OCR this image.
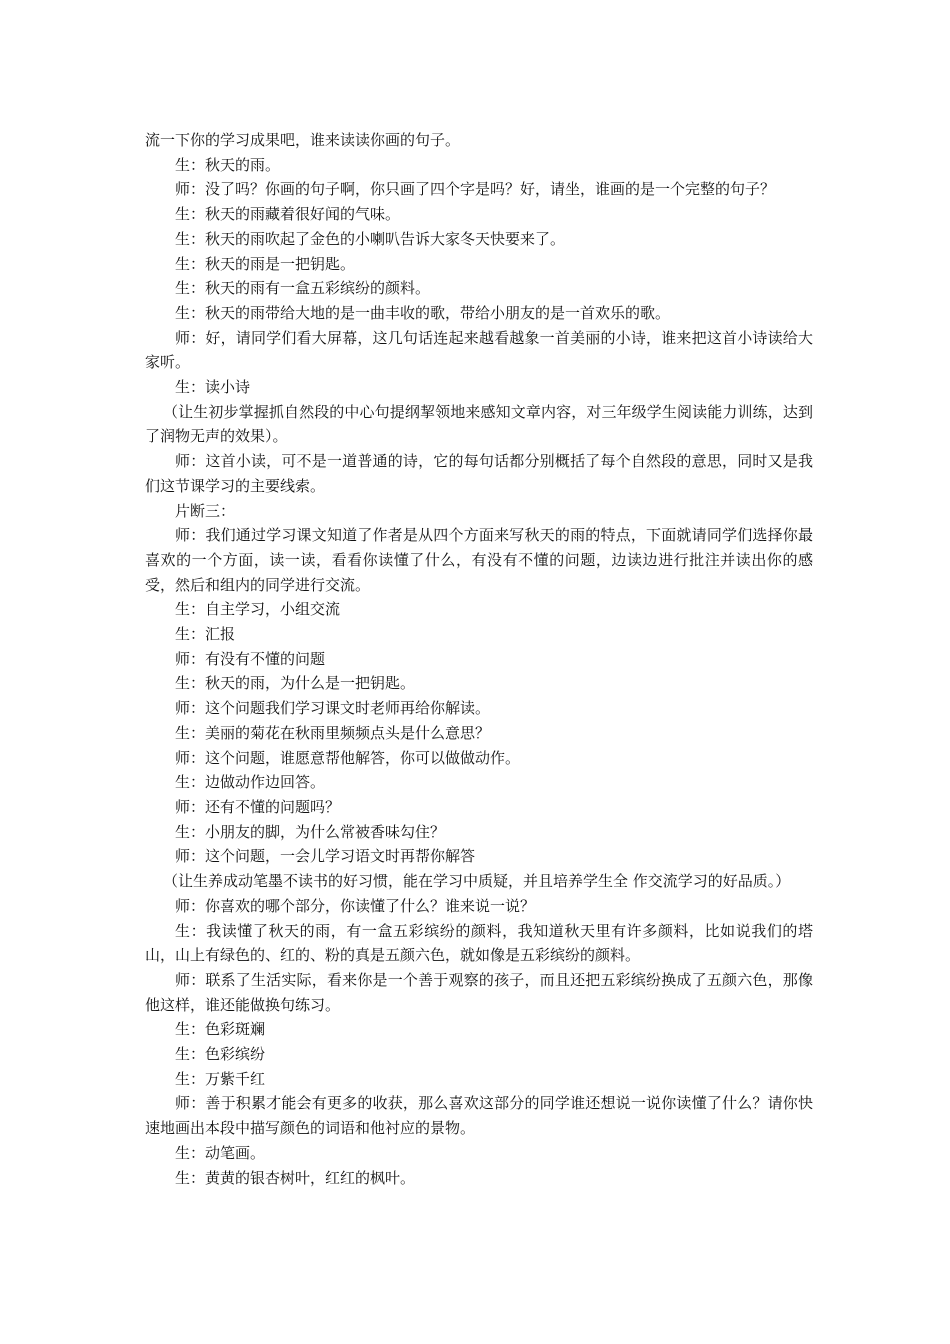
流一下你的学习成果吧，谁来读读你画的句子。

生：秋天的雨。

师：没了吗？你画的句子啊，你只画了四个字是吗？好，请坐，谁画的是一个完整的句子？

生：秋天的雨藏着很好闻的气味。

生：秋天的雨吹起了金色的小喇叭告诉大家冬天快要来了。

生：秋天的雨是一把钥匙。

生：秋天的雨有一盒五彩缤纷的颜料。

生：秋天的雨带给大地的是一曲丰收的歌，带给小朋友的是一首欢乐的歌。

师：好，请同学们看大屏幕，这几句话连起来越看越象一首美丽的小诗，谁来把这首小诗读给大家听。

生：读小诗

（让生初步掌握抓自然段的中心句提纲挈领地来感知文章内容，对三年级学生阅读能力训练，达到了润物无声的效果）。

师：这首小读，可不是一道普通的诗，它的每句话都分别概括了每个自然段的意思，同时又是我们这节课学习的主要线索。

片断三：

师：我们通过学习课文知道了作者是从四个方面来写秋天的雨的特点，下面就请同学们选择你最喜欢的一个方面，读一读，看看你读懂了什么，有没有不懂的问题，边读边进行批注并读出你的感受，然后和组内的同学进行交流。

生：自主学习，小组交流

生：汇报

师：有没有不懂的问题

生：秋天的雨，为什么是一把钥匙。

师：这个问题我们学习课文时老师再给你解读。

生：美丽的菊花在秋雨里频频点头是什么意思？

师：这个问题，谁愿意帮他解答，你可以做做动作。

生：边做动作边回答。

师：还有不懂的问题吗？

生：小朋友的脚，为什么常被香味勾住？

师：这个问题，一会儿学习语文时再帮你解答

（让生养成动笔墨不读书的好习惯，能在学习中质疑，并且培养学生全 作交流学习的好品质。）

师：你喜欢的哪个部分，你读懂了什么？谁来说一说？

生：我读懂了秋天的雨，有一盒五彩缤纷的颜料，我知道秋天里有许多颜料，比如说我们的塔山，山上有绿色的、红的、粉的真是五颜六色，就如像是五彩缤纷的颜料。

师：联系了生活实际，看来你是一个善于观察的孩子，而且还把五彩缤纷换成了五颜六色，那像他这样，谁还能做换句练习。

生：色彩斑斓

生：色彩缤纷

生：万紫千红

师：善于积累才能会有更多的收获，那么喜欢这部分的同学谁还想说一说你读懂了什么？请你快速地画出本段中描写颜色的词语和他衬应的景物。

生：动笔画。

生：黄黄的银杏树叶，红红的枫叶。
